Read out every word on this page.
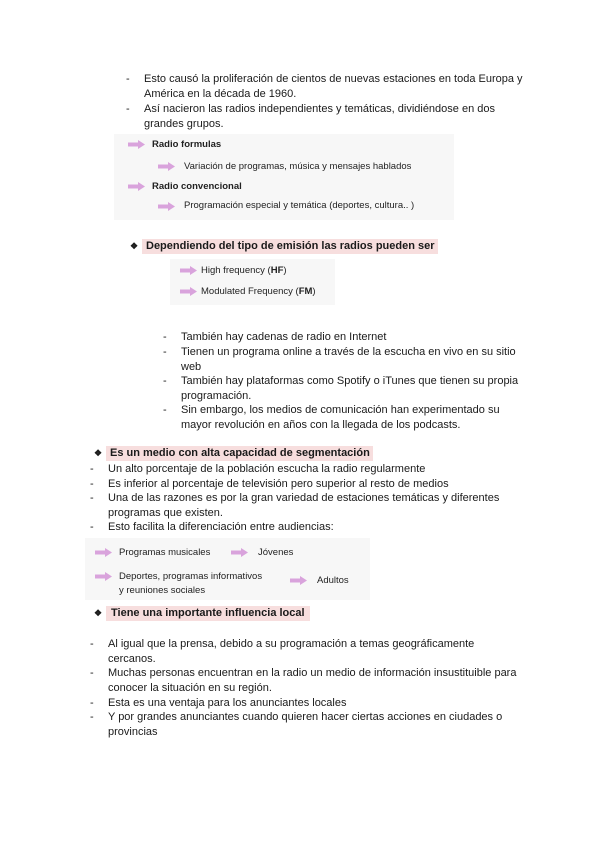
-	Esto causó la proliferación de cientos de nuevas estaciones en toda Europa y América en la década de 1960.
-	Así nacieron las radios independientes y temáticas, dividiéndose en dos grandes grupos.
Radio formulas
Variación de programas, música y mensajes hablados
Radio convencional
Programación especial y temática (deportes, cultura.. )
❖ Dependiendo del tipo de emisión las radios pueden ser
High frequency (HF)
Modulated Frequency (FM)
-	También hay cadenas de radio en Internet
-	Tienen un programa online a través de la escucha en vivo en su sitio web
-	También hay plataformas como Spotify o iTunes que tienen su propia programación.
-	Sin embargo, los medios de comunicación han experimentado su mayor revolución en años con la llegada de los podcasts.
❖ Es un medio con alta capacidad de segmentación
-	Un alto porcentaje de la población escucha la radio regularmente
-	Es inferior al porcentaje de televisión pero superior al resto de medios
-	Una de las razones es por la gran variedad de estaciones temáticas y diferentes programas que existen.
-	Esto facilita la diferenciación entre audiencias:
Programas musicales	Jóvenes
Deportes, programas informativos
y reuniones sociales
Adultos
❖ Tiene una importante influencia local
-	Al igual que la prensa, debido a su programación a temas geográficamente cercanos.
-	Muchas personas encuentran en la radio un medio de información insustituible para conocer la situación en su región.
-	Esta es una ventaja para los anunciantes locales
-	Y por grandes anunciantes cuando quieren hacer ciertas acciones en ciudades o provincias
